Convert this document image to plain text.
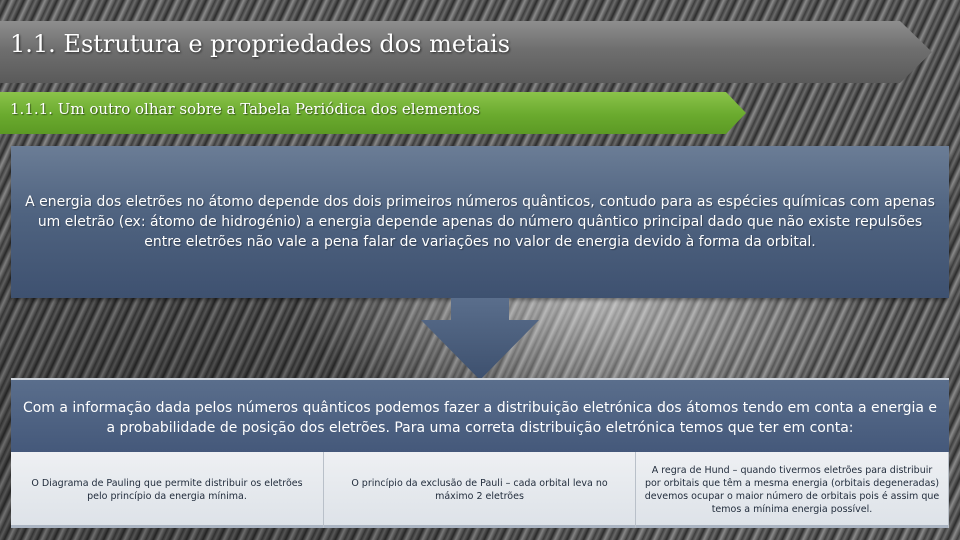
1.1. Estrutura e propriedades dos metais
1.1.1. Um outro olhar sobre a Tabela Periódica dos elementos
A energia dos eletrões no átomo depende dos dois primeiros números quânticos, contudo para as espécies químicas com apenas um eletrão (ex: átomo de hidrogénio) a energia depende apenas do número quântico principal dado que não existe repulsões entre eletrões não vale a pena falar de variações no valor de energia devido à forma da orbital.
Com a informação dada pelos números quânticos podemos fazer a distribuição eletrónica dos átomos tendo em conta a energia e a probabilidade de posição dos eletrões. Para uma correta distribuição eletrónica temos que ter em conta:
O Diagrama de Pauling que permite distribuir os eletrões pelo princípio da energia mínima.
O princípio da exclusão de Pauli – cada orbital leva no máximo 2 eletrões
A regra de Hund – quando tivermos eletrões para distribuir por orbitais que têm a mesma energia (orbitais degeneradas) devemos ocupar o maior número de orbitais pois é assim que temos a mínima energia possível.
